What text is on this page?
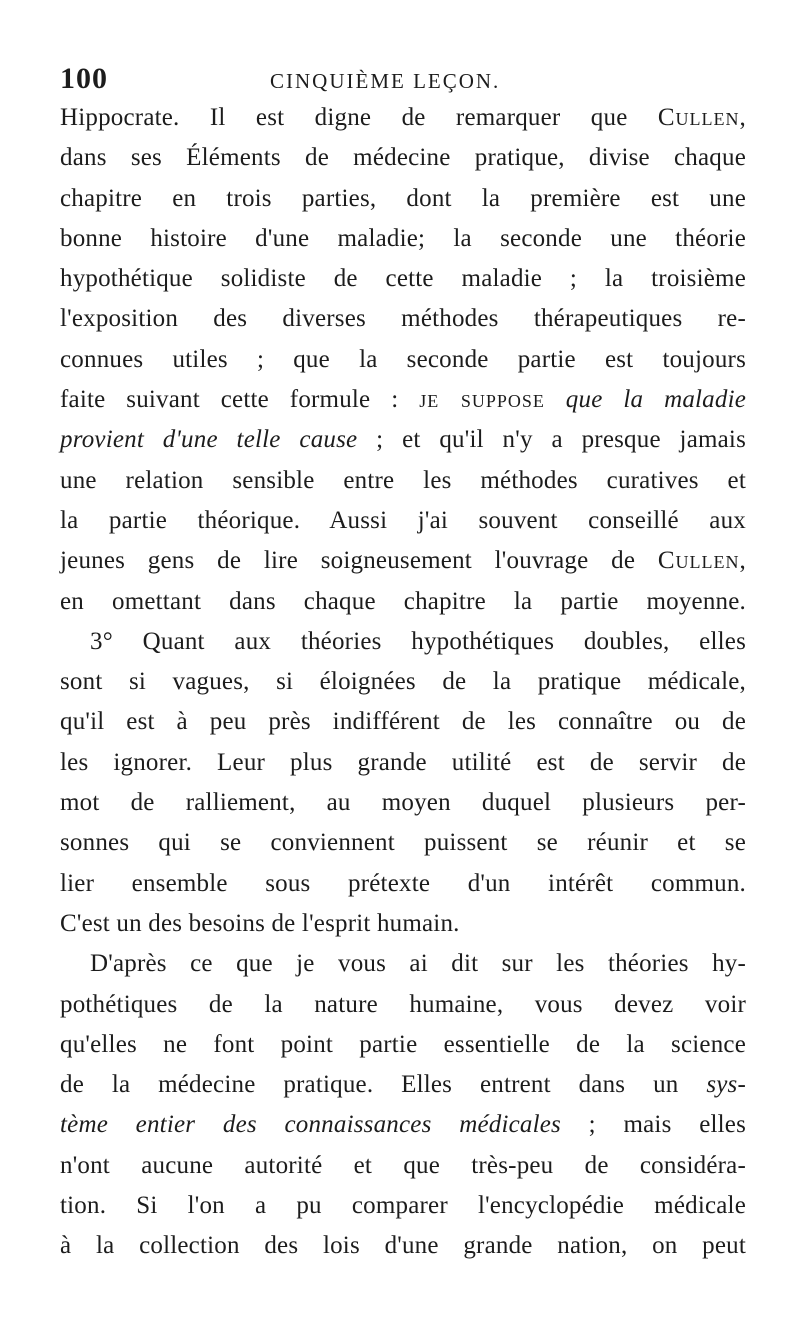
100	CINQUIÈME LEÇON.
Hippocrate. Il est digne de remarquer que Cullen,
dans ses Éléments de médecine pratique, divise chaque
chapitre en trois parties, dont la première est une
bonne histoire d'une maladie; la seconde une théorie
hypothétique solidiste de cette maladie ; la troisième
l'exposition des diverses méthodes thérapeutiques re-
connues utiles ; que la seconde partie est toujours
faite suivant cette formule : je suppose que la maladie
provient d'une telle cause ; et qu'il n'y a presque jamais
une relation sensible entre les méthodes curatives et
la partie théorique. Aussi j'ai souvent conseillé aux
jeunes gens de lire soigneusement l'ouvrage de Cullen,
en omettant dans chaque chapitre la partie moyenne.
3° Quant aux théories hypothétiques doubles, elles
sont si vagues, si éloignées de la pratique médicale,
qu'il est à peu près indifférent de les connaître ou de
les ignorer. Leur plus grande utilité est de servir de
mot de ralliement, au moyen duquel plusieurs per-
sonnes qui se conviennent puissent se réunir et se
lier ensemble sous prétexte d'un intérêt commun.
C'est un des besoins de l'esprit humain.
D'après ce que je vous ai dit sur les théories hy-
pothétiques de la nature humaine, vous devez voir
qu'elles ne font point partie essentielle de la science
de la médecine pratique. Elles entrent dans un sys-
tème entier des connaissances médicales ; mais elles
n'ont aucune autorité et que très-peu de considéra-
tion. Si l'on a pu comparer l'encyclopédie médicale
à la collection des lois d'une grande nation, on peut
